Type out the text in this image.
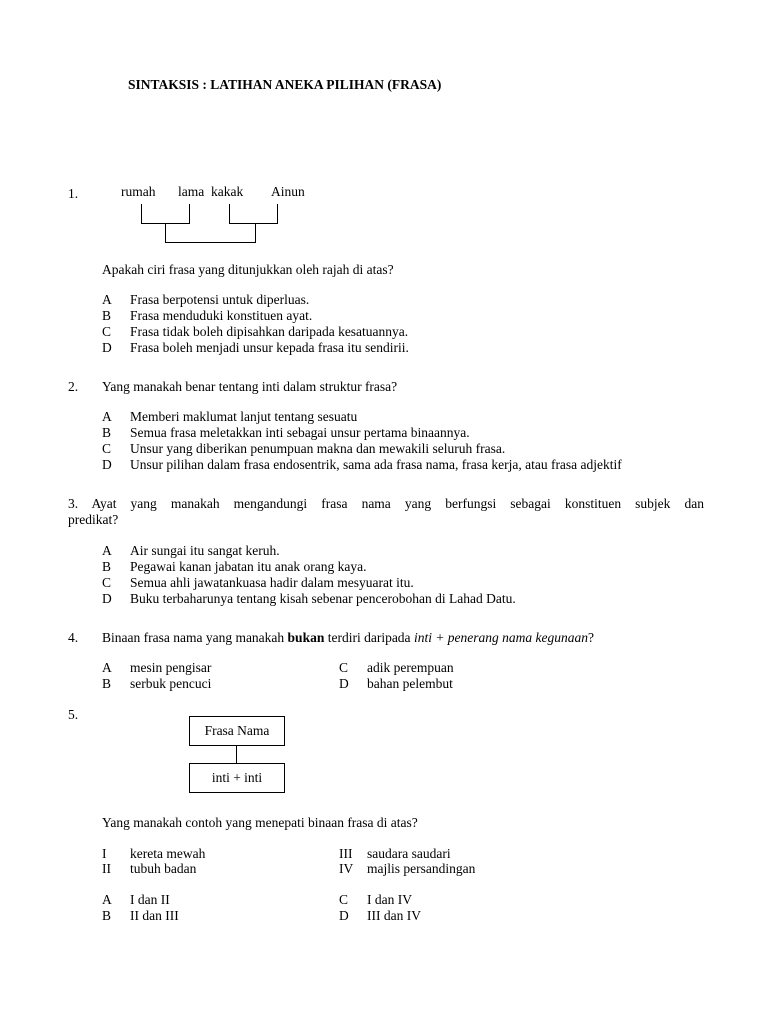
SINTAKSIS : LATIHAN ANEKA PILIHAN (FRASA)
1.	rumah lama kakak Ainun
Apakah ciri frasa yang ditunjukkan oleh rajah di atas?
A Frasa berpotensi untuk diperluas.
B Frasa menduduki konstituen ayat.
C Frasa tidak boleh dipisahkan daripada kesatuannya.
D Frasa boleh menjadi unsur kepada frasa itu sendirii.
2. Yang manakah benar tentang inti dalam struktur frasa?
A Memberi maklumat lanjut tentang sesuatu
B Semua frasa meletakkan inti sebagai unsur pertama binaannya.
C Unsur yang diberikan penumpuan makna dan mewakili seluruh frasa.
D Unsur pilihan dalam frasa endosentrik, sama ada frasa nama, frasa kerja, atau frasa adjektif
3. Ayat yang manakah mengandungi frasa nama yang berfungsi sebagai konstituen subjek dan
predikat?
A Air sungai itu sangat keruh.
B Pegawai kanan jabatan itu anak orang kaya.
C Semua ahli jawatankuasa hadir dalam mesyuarat itu.
D Buku terbaharunya tentang kisah sebenar pencerobohan di Lahad Datu.
4. Binaan frasa nama yang manakah bukan terdiri daripada inti + penerang nama kegunaan?
A mesin pengisar
B serbuk pencuci
C adik perempuan
D bahan pelembut
5.
Frasa Nama
inti + inti
Yang manakah contoh yang menepati binaan frasa di atas?
I kereta mewah
II tubuh badan
III saudara saudari
IV majlis persandingan
A I dan II
B II dan III
C I dan IV
D III dan IV
